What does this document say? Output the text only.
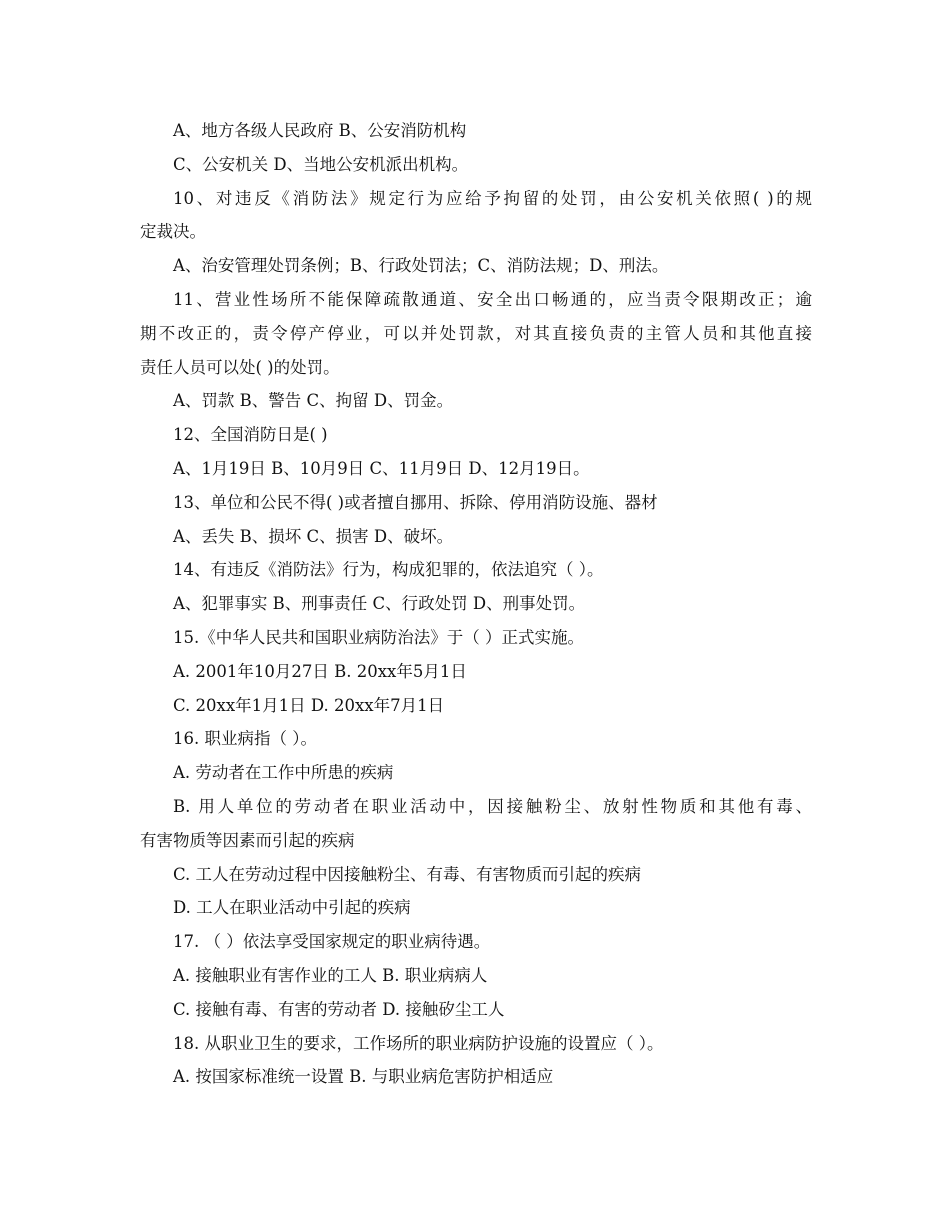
A、地方各级人民政府 B、公安消防机构
C、公安机关 D、当地公安机派出机构。
10、对违反《消防法》规定行为应给予拘留的处罚，由公安机关依照( )的规
定裁决。
A、治安管理处罚条例；B、行政处罚法；C、消防法规；D、刑法。
11、营业性场所不能保障疏散通道、安全出口畅通的，应当责令限期改正；逾
期不改正的，责令停产停业，可以并处罚款，对其直接负责的主管人员和其他直接
责任人员可以处( )的处罚。
A、罚款 B、警告 C、拘留 D、罚金。
12、全国消防日是( )
A、1月19日 B、10月9日 C、11月9日 D、12月19日。
13、单位和公民不得( )或者擅自挪用、拆除、停用消防设施、器材
A、丢失 B、损坏 C、损害 D、破坏。
14、有违反《消防法》行为，构成犯罪的，依法追究（ ）。
A、犯罪事实 B、刑事责任 C、行政处罚 D、刑事处罚。
15.《中华人民共和国职业病防治法》于（ ）正式实施。
A. 2001年10月27日 B. 20xx年5月1日
C. 20xx年1月1日 D. 20xx年7月1日
16. 职业病指（ ）。
A. 劳动者在工作中所患的疾病
B. 用人单位的劳动者在职业活动中，因接触粉尘、放射性物质和其他有毒、
有害物质等因素而引起的疾病
C. 工人在劳动过程中因接触粉尘、有毒、有害物质而引起的疾病
D. 工人在职业活动中引起的疾病
17. （ ）依法享受国家规定的职业病待遇。
A. 接触职业有害作业的工人 B. 职业病病人
C. 接触有毒、有害的劳动者 D. 接触矽尘工人
18. 从职业卫生的要求，工作场所的职业病防护设施的设置应（ ）。
A. 按国家标准统一设置 B. 与职业病危害防护相适应
